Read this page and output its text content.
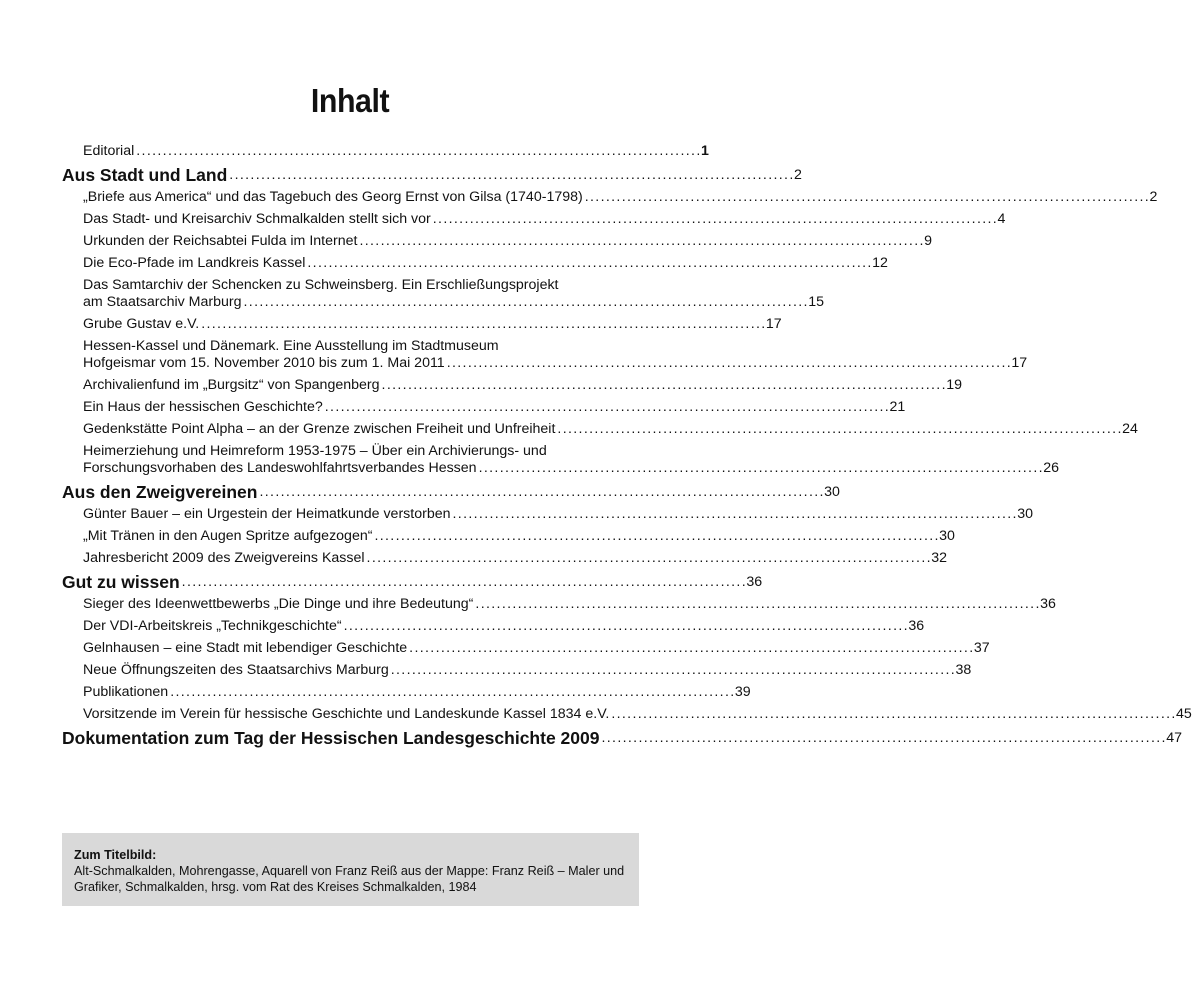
Inhalt
Editorial . . .	1
Aus Stadt und Land . . .	2
„Briefe aus America“ und das Tagebuch des Georg Ernst von Gilsa (1740-1798) . . .	2
Das Stadt- und Kreisarchiv Schmalkalden stellt sich vor . . .	4
Urkunden der Reichsabtei Fulda im Internet . . .	9
Die Eco-Pfade im Landkreis Kassel . . .	12
Das Samtarchiv der Schencken zu Schweinsberg. Ein Erschließungsprojekt
am Staatsarchiv Marburg . . .	15
Grube Gustav e.V. . . .	17
Hessen-Kassel und Dänemark. Eine Ausstellung im Stadtmuseum
Hofgeismar vom 15. November 2010 bis zum 1. Mai 2011 . . .	17
Archivalienfund im „Burgsitz“ von Spangenberg . . .	19
Ein Haus der hessischen Geschichte? . . .	21
Gedenkstätte Point Alpha – an der Grenze zwischen Freiheit und Unfreiheit . . .	24
Heimerziehung und Heimreform 1953-1975 – Über ein Archivierungs- und
Forschungsvorhaben des Landeswohlfahrtsverbandes Hessen . . .	26
Aus den Zweigvereinen . . .	30
Günter Bauer – ein Urgestein der Heimatkunde verstorben . . .	30
„Mit Tränen in den Augen Spritze aufgezogen“ . . .	30
Jahresbericht 2009 des Zweigvereins Kassel . . .	32
Gut zu wissen . . .	36
Sieger des Ideenwettbewerbs „Die Dinge und ihre Bedeutung“ . . .	36
Der VDI-Arbeitskreis „Technikgeschichte“ . . .	36
Gelnhausen – eine Stadt mit lebendiger Geschichte . . .	37
Neue Öffnungszeiten des Staatsarchivs Marburg . . .	38
Publikationen . . .	39
Vorsitzende im Verein für hessische Geschichte und Landeskunde Kassel 1834 e.V. . . .	45
Dokumentation zum Tag der Hessischen Landesgeschichte 2009 . . .	47
Zum Titelbild:
Alt-Schmalkalden, Mohrengasse, Aquarell von Franz Reiß aus der Mappe: Franz Reiß – Maler und Grafiker, Schmalkalden, hrsg. vom Rat des Kreises Schmalkalden, 1984
